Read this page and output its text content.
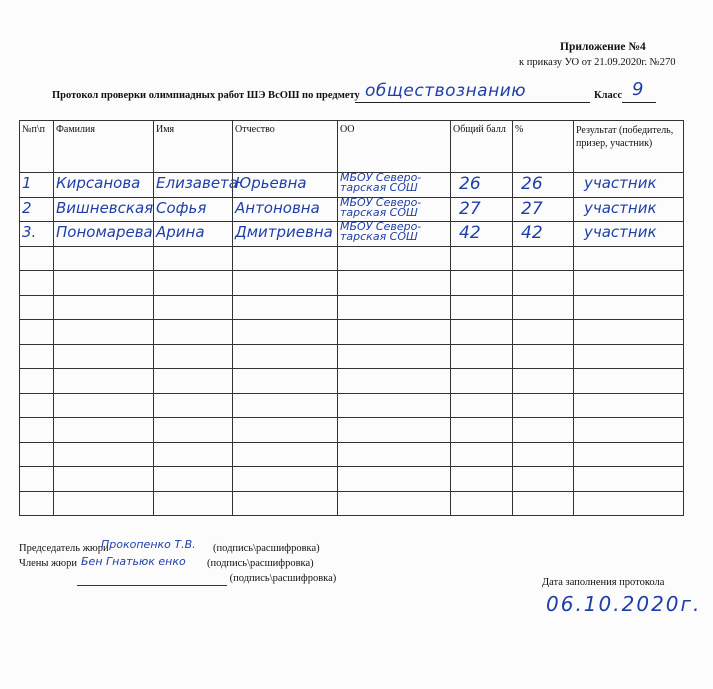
Приложение №4
к приказу УО от 21.09.2020г. №270
Протокол проверки олимпиадных работ ШЭ ВсОШ по предмету обществознанию	Класс 9
№п\п	Фамилия	Имя	Отчество	ОО	Общий балл	%	Результат (победитель, призер, участник)

1	Кирсанова	Елизавета	Юрьевна	МБОУ Северо-тарская СОШ	26	26	участник

2	Вишневская	Софья	Антоновна	МБОУ Северо-тарская СОШ	27	27	участник

3.	Пономарева	Арина	Дмитриевна	МБОУ Северо-тарская СОШ	42	42	участник

Председатель жюри
Прокопенко Т.В. (подпись\расшифровка)
Члены жюри Бен Гнатьюк енко (подпись\расшифровка)
(подпись\расшифровка)	Дата заполнения протокола
06.10.2020г.
